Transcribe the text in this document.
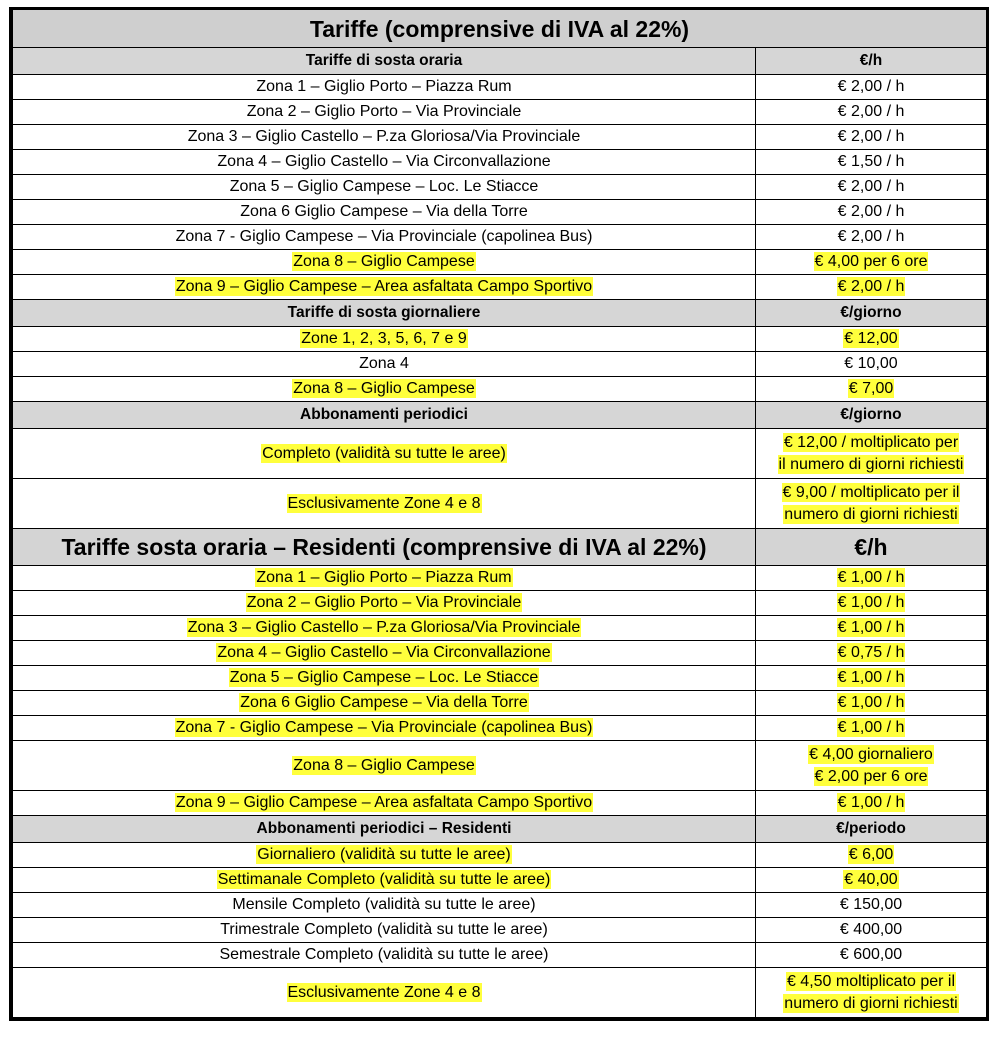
Tariffe (comprensive di IVA al 22%)	
Tariffe di sosta oraria	€/h
Zona 1 – Giglio Porto – Piazza Rum	€ 2,00 / h
Zona 2 – Giglio Porto – Via Provinciale	€ 2,00 / h
Zona 3 – Giglio Castello – P.za Gloriosa/Via Provinciale	€ 2,00 / h
Zona 4 – Giglio Castello – Via Circonvallazione	€ 1,50 / h
Zona 5 – Giglio Campese – Loc. Le Stiacce	€ 2,00 / h
Zona 6 Giglio Campese – Via della Torre	€ 2,00 / h
Zona 7 - Giglio Campese – Via Provinciale (capolinea Bus)	€ 2,00 / h
Zona 8 – Giglio Campese	€ 4,00 per 6 ore
Zona 9 – Giglio Campese – Area asfaltata Campo Sportivo	€ 2,00 / h
Tariffe di sosta giornaliere	€/giorno
Zone 1, 2, 3, 5, 6, 7 e 9	€ 12,00
Zona 4	€ 10,00
Zona 8 – Giglio Campese	€ 7,00
Abbonamenti periodici	€/giorno
Completo (validità su tutte le aree)	€ 12,00 / moltiplicato per
il numero di giorni richiesti
Esclusivamente Zone 4 e 8	€ 9,00 / moltiplicato per il
numero di giorni richiesti
Tariffe sosta oraria – Residenti (comprensive di IVA al 22%)	€/h
Zona 1 – Giglio Porto – Piazza Rum	€ 1,00 / h
Zona 2 – Giglio Porto – Via Provinciale	€ 1,00 / h
Zona 3 – Giglio Castello – P.za Gloriosa/Via Provinciale	€ 1,00 / h
Zona 4 – Giglio Castello – Via Circonvallazione	€ 0,75 / h
Zona 5 – Giglio Campese – Loc. Le Stiacce	€ 1,00 / h
Zona 6 Giglio Campese – Via della Torre	€ 1,00 / h
Zona 7 - Giglio Campese – Via Provinciale (capolinea Bus)	€ 1,00 / h
Zona 8 – Giglio Campese	€ 4,00 giornaliero
€ 2,00 per 6 ore
Zona 9 – Giglio Campese – Area asfaltata Campo Sportivo	€ 1,00 / h
Abbonamenti periodici – Residenti	€/periodo
Giornaliero (validità su tutte le aree)	€ 6,00
Settimanale Completo (validità su tutte le aree)	€ 40,00
Mensile Completo (validità su tutte le aree)	€ 150,00
Trimestrale Completo (validità su tutte le aree)	€ 400,00
Semestrale Completo (validità su tutte le aree)	€ 600,00
Esclusivamente Zone 4 e 8	€ 4,50 moltiplicato per il
numero di giorni richiesti
